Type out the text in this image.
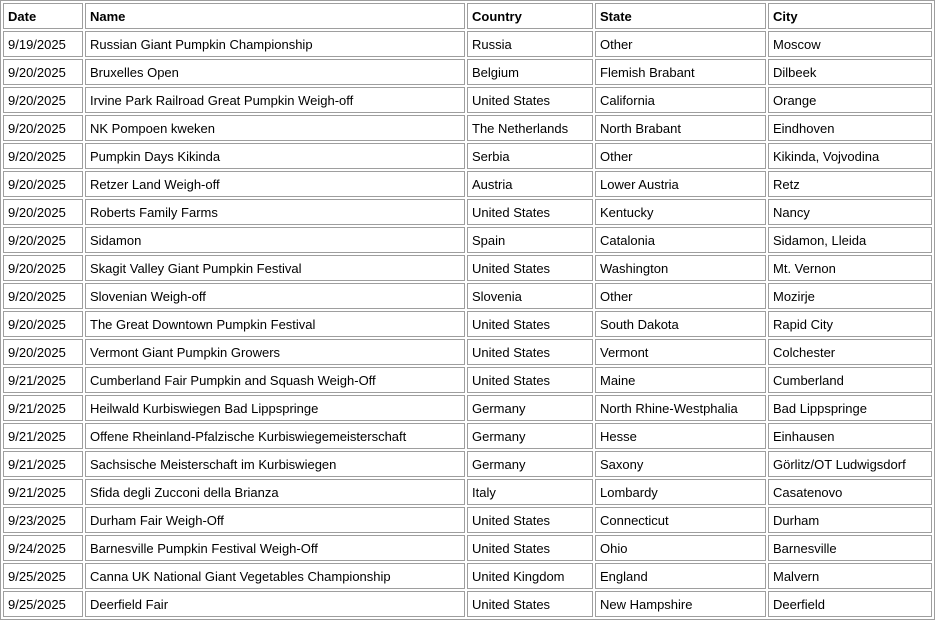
Date	Name	Country	State	City
9/19/2025	Russian Giant Pumpkin Championship	Russia	Other	Moscow
9/20/2025	Bruxelles Open	Belgium	Flemish Brabant	Dilbeek
9/20/2025	Irvine Park Railroad Great Pumpkin Weigh-off	United States	California	Orange
9/20/2025	NK Pompoen kweken	The Netherlands	North Brabant	Eindhoven
9/20/2025	Pumpkin Days Kikinda	Serbia	Other	Kikinda, Vojvodina
9/20/2025	Retzer Land Weigh-off	Austria	Lower Austria	Retz
9/20/2025	Roberts Family Farms	United States	Kentucky	Nancy
9/20/2025	Sidamon	Spain	Catalonia	Sidamon, Lleida
9/20/2025	Skagit Valley Giant Pumpkin Festival	United States	Washington	Mt. Vernon
9/20/2025	Slovenian Weigh-off	Slovenia	Other	Mozirje
9/20/2025	The Great Downtown Pumpkin Festival	United States	South Dakota	Rapid City
9/20/2025	Vermont Giant Pumpkin Growers	United States	Vermont	Colchester
9/21/2025	Cumberland Fair Pumpkin and Squash Weigh-Off	United States	Maine	Cumberland
9/21/2025	Heilwald Kurbiswiegen Bad Lippspringe	Germany	North Rhine-Westphalia	Bad Lippspringe
9/21/2025	Offene Rheinland-Pfalzische Kurbiswiegemeisterschaft	Germany	Hesse	Einhausen
9/21/2025	Sachsische Meisterschaft im Kurbiswiegen	Germany	Saxony	Görlitz/OT Ludwigsdorf
9/21/2025	Sfida degli Zucconi della Brianza	Italy	Lombardy	Casatenovo
9/23/2025	Durham Fair Weigh-Off	United States	Connecticut	Durham
9/24/2025	Barnesville Pumpkin Festival Weigh-Off	United States	Ohio	Barnesville
9/25/2025	Canna UK National Giant Vegetables Championship	United Kingdom	England	Malvern
9/25/2025	Deerfield Fair	United States	New Hampshire	Deerfield
